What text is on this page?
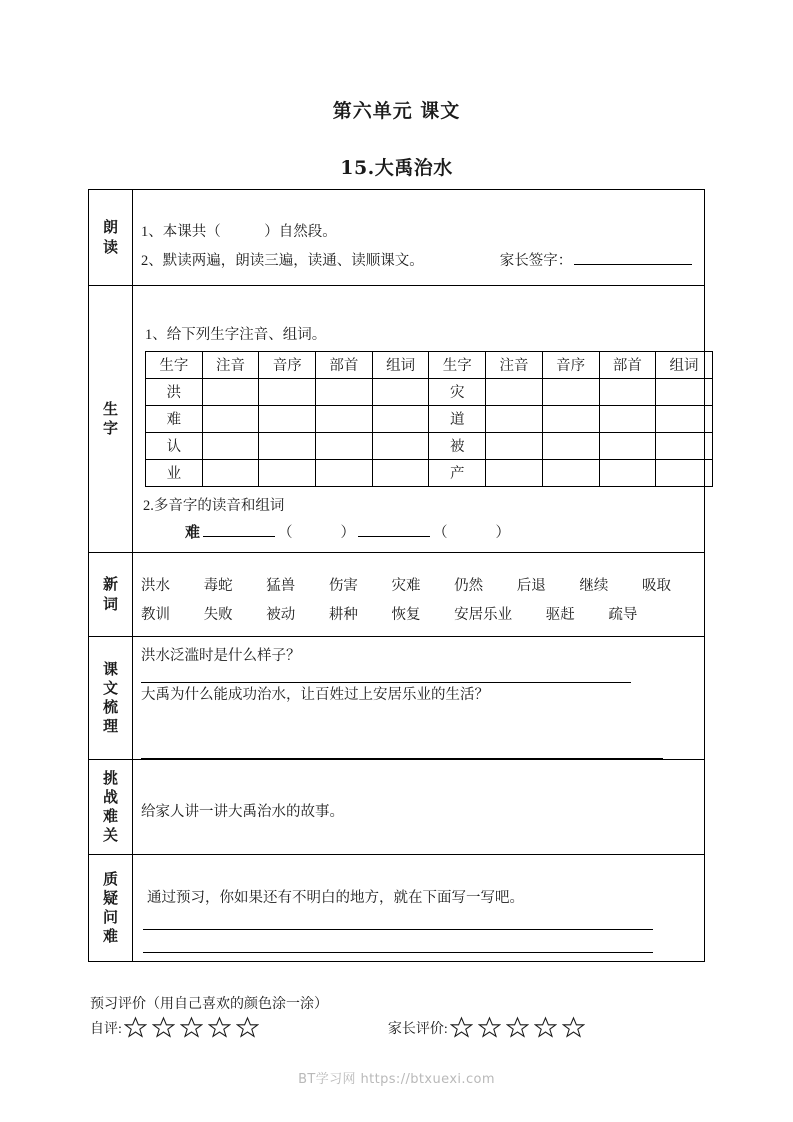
第六单元 课文
15.大禹治水
朗
读

1、本课共（　　　）自然段。
2、默读两遍，朗读三遍，读通、读顺课文。	家长签字：

生
字

1、给下列生字注音、组词。
生字	注音	音序	部首	组词	生字	注音	音序	部首	组词
洪					灾				
难					道				
认					被				
业					产				
2.多音字的读音和组词
难	（	）	（	）

新
词

洪水 毒蛇 猛兽 伤害 灾难 仍然 后退 继续 吸取
教训 失败 被动 耕种 恢复 安居乐业 驱赶 疏导

课
文
梳
理

洪水泛滥时是什么样子？
大禹为什么能成功治水，让百姓过上安居乐业的生活？

挑
战
难
关

给家人讲一讲大禹治水的故事。

质
疑
问
难

通过预习，你如果还有不明白的地方，就在下面写一写吧。
预习评价（用自己喜欢的颜色涂一涂）
自评:	家长评价:
BT学习网 https://btxuexi.com
